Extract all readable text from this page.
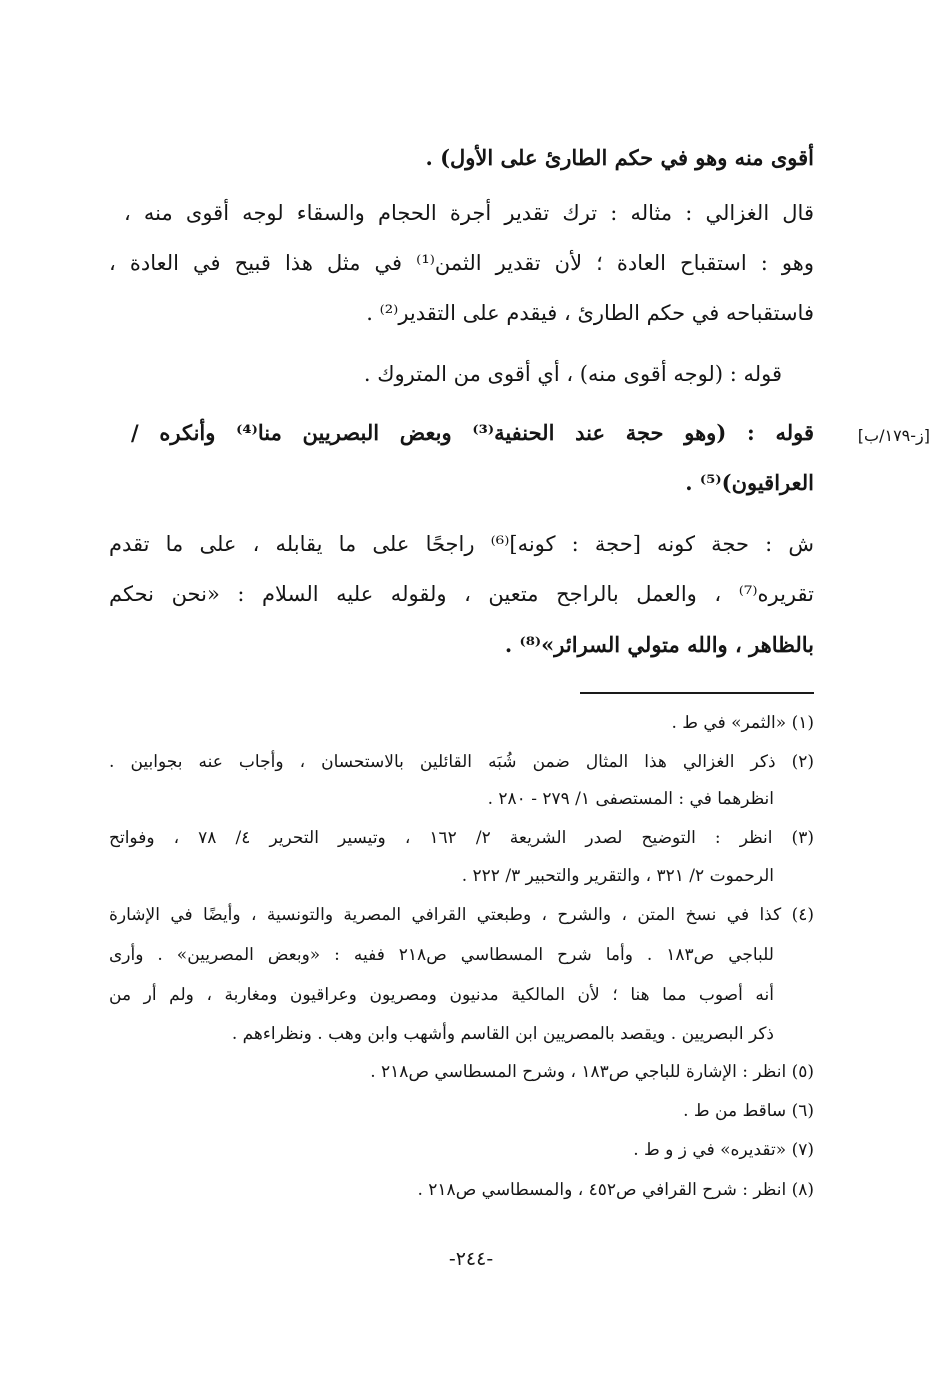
أقوى منه وهو في حكم الطارئ على الأول) .
قال الغزالي : مثاله : ترك تقدير أجرة الحجام والسقاء لوجه أقوى منه ،
وهو : استقباح العادة ؛ لأن تقدير الثمن⁽¹⁾ في مثل هذا قبيح في العادة ،
فاستقباحه في حكم الطارئ ، فيقدم على التقدير⁽²⁾ .
قوله : (لوجه أقوى منه) ، أي أقوى من المتروك .
[ز-١٧٩/ب]
قوله : (وهو حجة عند الحنفية⁽³⁾ وبعض البصريين منا⁽⁴⁾ وأنكره /
العراقيون)⁽⁵⁾ .
ش : حجة كونه [حجة : كونه]⁽⁶⁾ راجحًا على ما يقابله ، على ما تقدم
تقريره⁽⁷⁾ ، والعمل بالراجح متعين ، ولقوله عليه السلام : «نحن نحكم
بالظاهر ، والله متولي السرائر»⁽⁸⁾ .
(١) «الثمر» في ط .
(٢) ذكر الغزالي هذا المثال ضمن شُبَه القائلين بالاستحسان ، وأجاب عنه بجوابين .
انظرهما في : المستصفى ١/ ٢٧٩ - ٢٨٠ .
(٣) انظر : التوضيح لصدر الشريعة ٢/ ١٦٢ ، وتيسير التحرير ٤/ ٧٨ ، وفواتح
الرحموت ٢/ ٣٢١ ، والتقرير والتحبير ٣/ ٢٢٢ .
(٤) كذا في نسخ المتن ، والشرح ، وطبعتي القرافي المصرية والتونسية ، وأيضًا في الإشارة
للباجي ص١٨٣ . وأما شرح المسطاسي ص٢١٨ ففيه : «وبعض المصريين» . وأرى
أنه أصوب مما هنا ؛ لأن المالكية مدنيون ومصريون وعراقيون ومغاربة ، ولم أر من
ذكر البصريين . ويقصد بالمصريين ابن القاسم وأشهب وابن وهب . ونظراءهم .
(٥) انظر : الإشارة للباجي ص١٨٣ ، وشرح المسطاسي ص٢١٨ .
(٦) ساقط من ط .
(٧) «تقديره» في ز و ط .
(٨) انظر : شرح القرافي ص٤٥٢ ، والمسطاسي ص٢١٨ .
-٢٤٤-
